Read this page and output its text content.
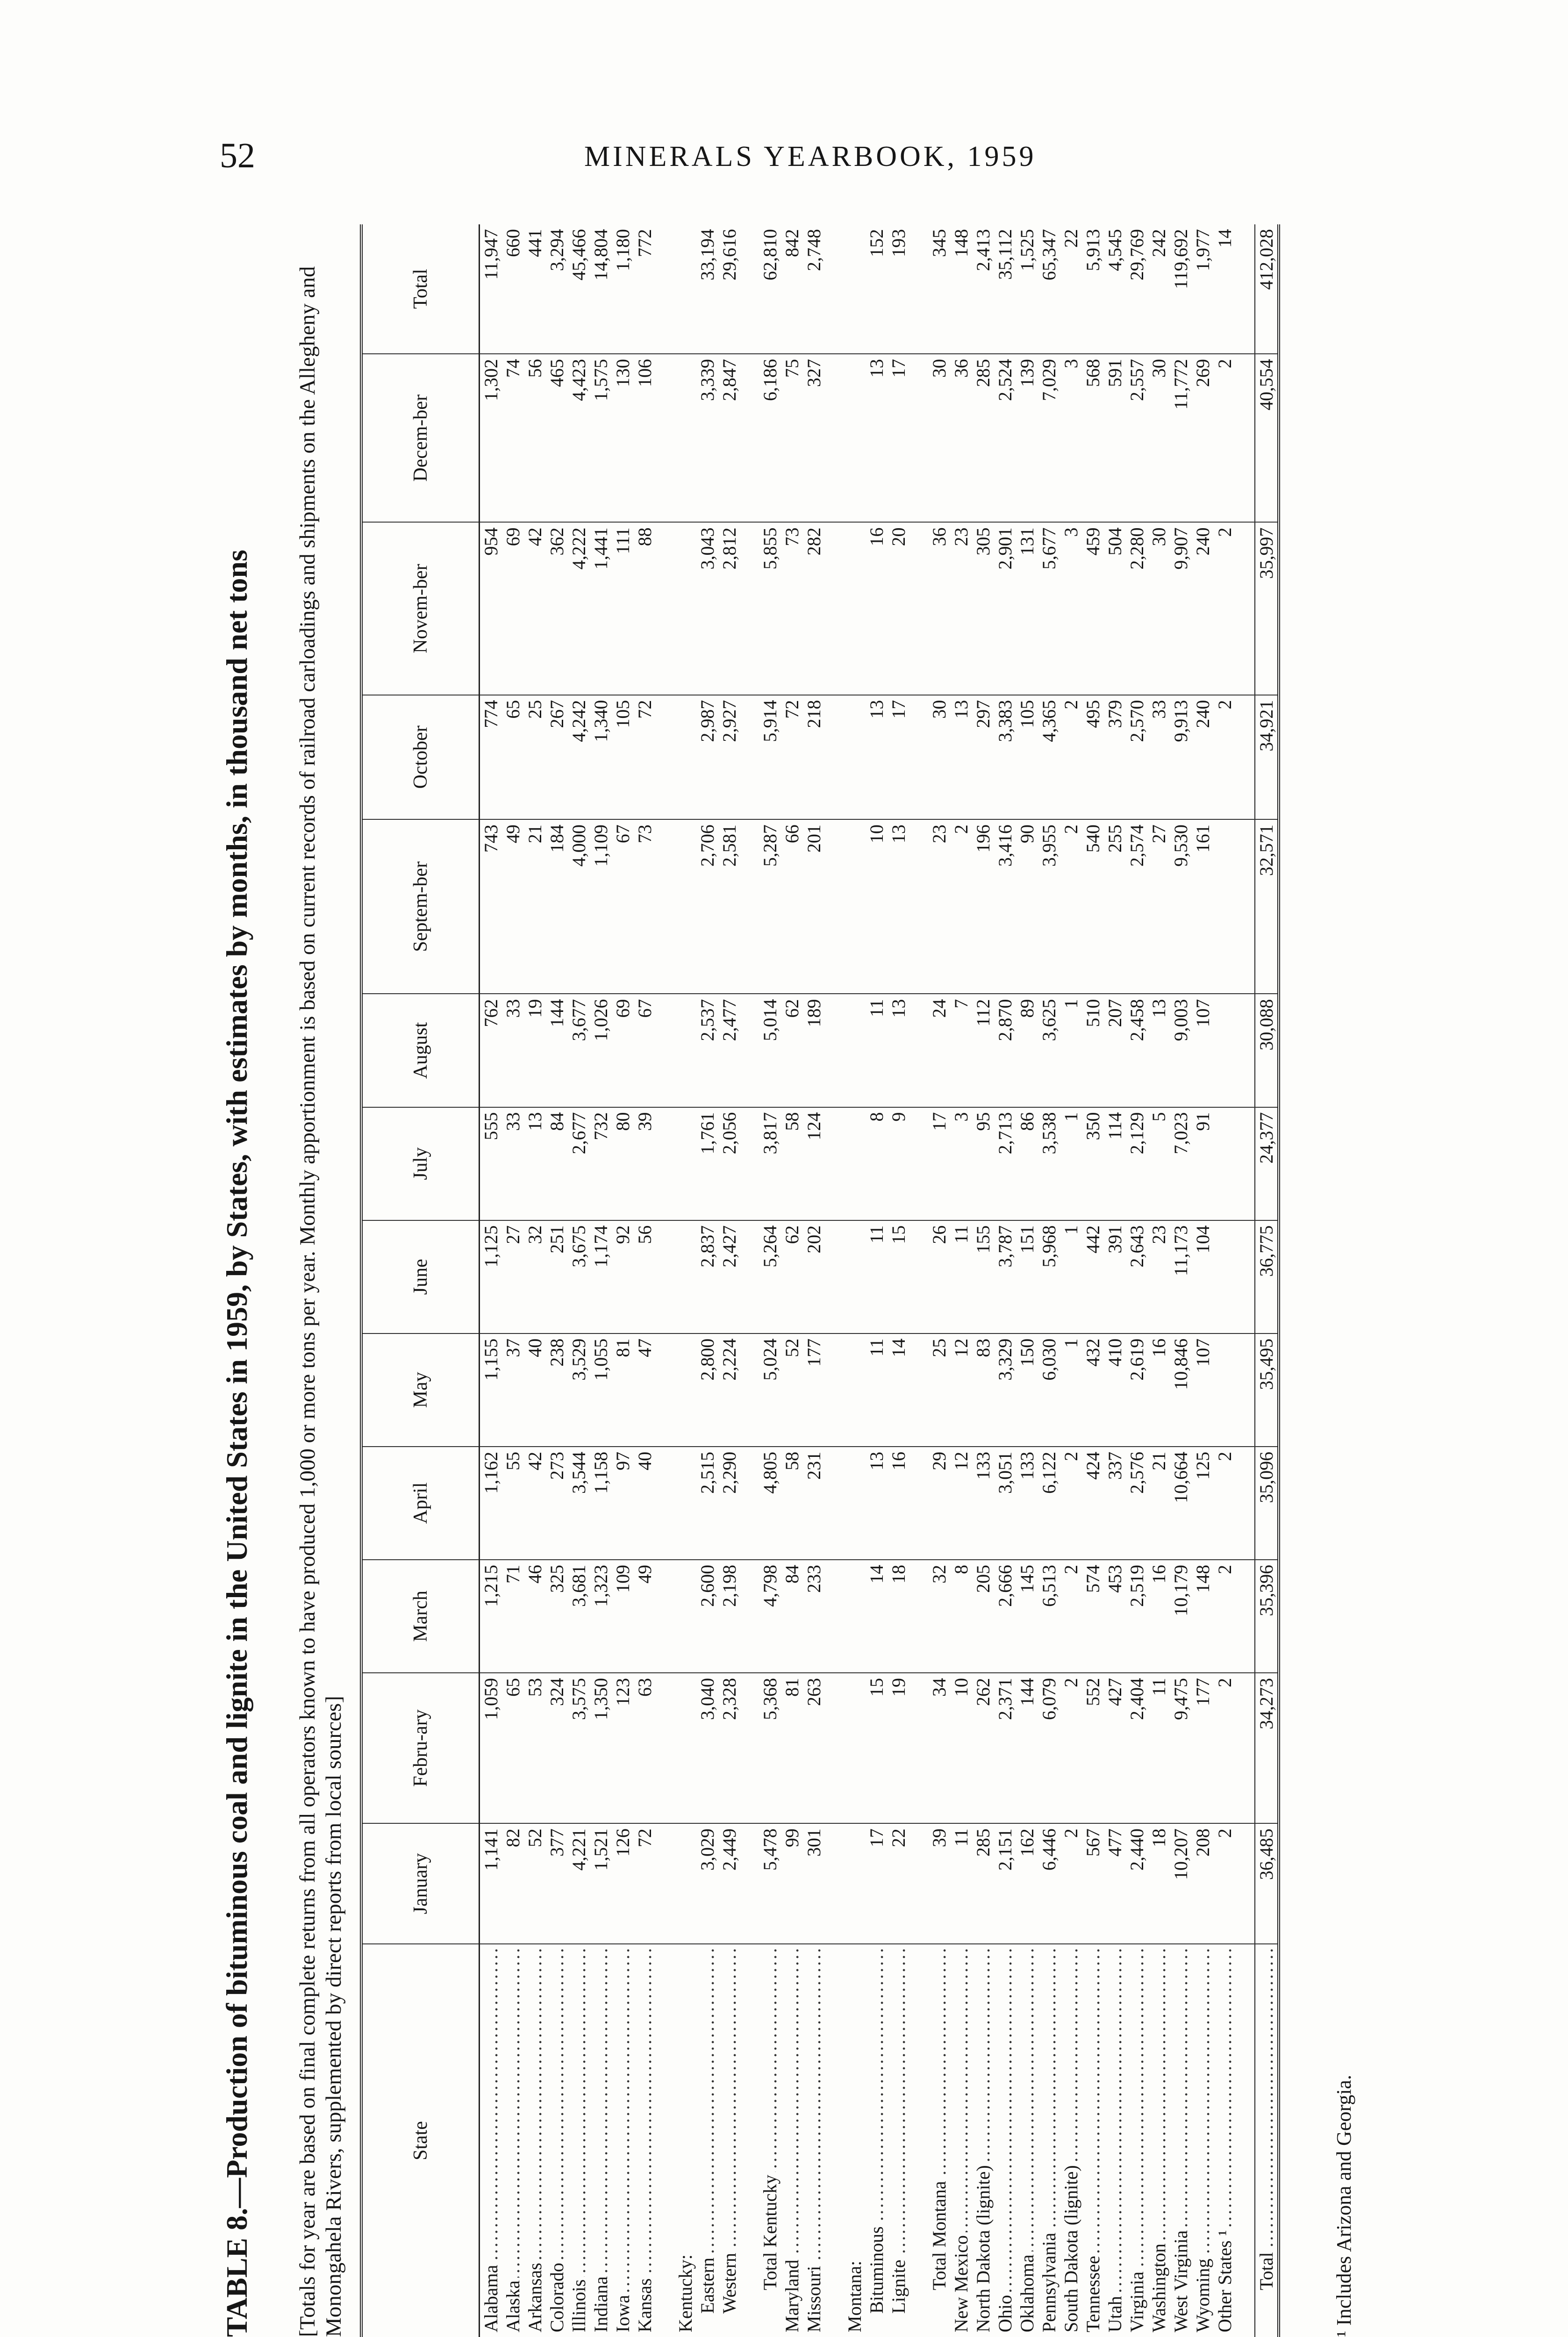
52	MINERALS YEARBOOK, 1959
TABLE 8.—Production of bituminous coal and lignite in the United States in 1959, by States, with estimates by months, in thousand net tons [Totals for year are based on final complete returns from all operators known to have produced 1,000 or more tons per year. Monthly apportionment is based on current records of railroad carloadings and shipments on the Allegheny and Monongahela Rivers, supplemented by direct reports from local sources]	State	January	Febru-ary	March	April	May	June	July	August	Septem-ber	October	Novem-ber	Decem-ber	Total

Alabama .....	1,141	1,059	1,215	1,162	1,155	1,125	555	762	743	774	954	1,302	11,947

Alaska .....	82	65	71	55	37	27	33	33	49	65	69	74	660

Arkansas .....	52	53	46	42	40	32	13	19	21	25	42	56	441

Colorado .....	377	324	325	273	238	251	84	144	184	267	362	465	3,294

Illinois .....	4,221	3,575	3,681	3,544	3,529	3,675	2,677	3,677	4,000	4,242	4,222	4,423	45,466

Indiana .....	1,521	1,350	1,323	1,158	1,055	1,174	732	1,026	1,109	1,340	1,441	1,575	14,804

Iowa .....	126	123	109	97	81	92	80	69	67	105	111	130	1,180

Kansas .....	72	63	49	40	47	56	39	67	73	72	88	106	772

Kentucky:													

Eastern .....	3,029	3,040	2,600	2,515	2,800	2,837	1,761	2,537	2,706	2,987	3,043	3,339	33,194

Western .....	2,449	2,328	2,198	2,290	2,224	2,427	2,056	2,477	2,581	2,927	2,812	2,847	29,616

Total Kentucky .....	5,478	5,368	4,798	4,805	5,024	5,264	3,817	5,014	5,287	5,914	5,855	6,186	62,810

Maryland .....	99	81	84	58	52	62	58	62	66	72	73	75	842

Missouri .....	301	263	233	231	177	202	124	189	201	218	282	327	2,748

Montana:													

Bituminous .....	17	15	14	13	11	11	8	11	10	13	16	13	152

Lignite .....	22	19	18	16	14	15	9	13	13	17	20	17	193

Total Montana .....	39	34	32	29	25	26	17	24	23	30	36	30	345

New Mexico .....	11	10	8	12	12	11	3	7	2	13	23	36	148

North Dakota (lignite) .....	285	262	205	133	83	155	95	112	196	297	305	285	2,413

Ohio .....	2,151	2,371	2,666	3,051	3,329	3,787	2,713	2,870	3,416	3,383	2,901	2,524	35,112

Oklahoma .....	162	144	145	133	150	151	86	89	90	105	131	139	1,525

Pennsylvania .....	6,446	6,079	6,513	6,122	6,030	5,968	3,538	3,625	3,955	4,365	5,677	7,029	65,347

South Dakota (lignite) .....	2	2	2	2	1	1	1	1	2	2	3	3	22

Tennessee .....	567	552	574	424	432	442	350	510	540	495	459	568	5,913

Utah .....	477	427	453	337	410	391	114	207	255	379	504	591	4,545

Virginia .....	2,440	2,404	2,519	2,576	2,619	2,643	2,129	2,458	2,574	2,570	2,280	2,557	29,769

Washington .....	18	11	16	21	16	23	5	13	27	33	30	30	242

West Virginia .....	10,207	9,475	10,179	10,664	10,846	11,173	7,023	9,003	9,530	9,913	9,907	11,772	119,692

Wyoming .....	208	177	148	125	107	104	91	107	161	240	240	269	1,977

Other States ¹ .....	2	2	2	2						2	2	2	14

Total .....	36,485	34,273	35,396	35,096	35,495	36,775	24,377	30,088	32,571	34,921	35,997	40,554	412,028
¹ Includes Arizona and Georgia.
